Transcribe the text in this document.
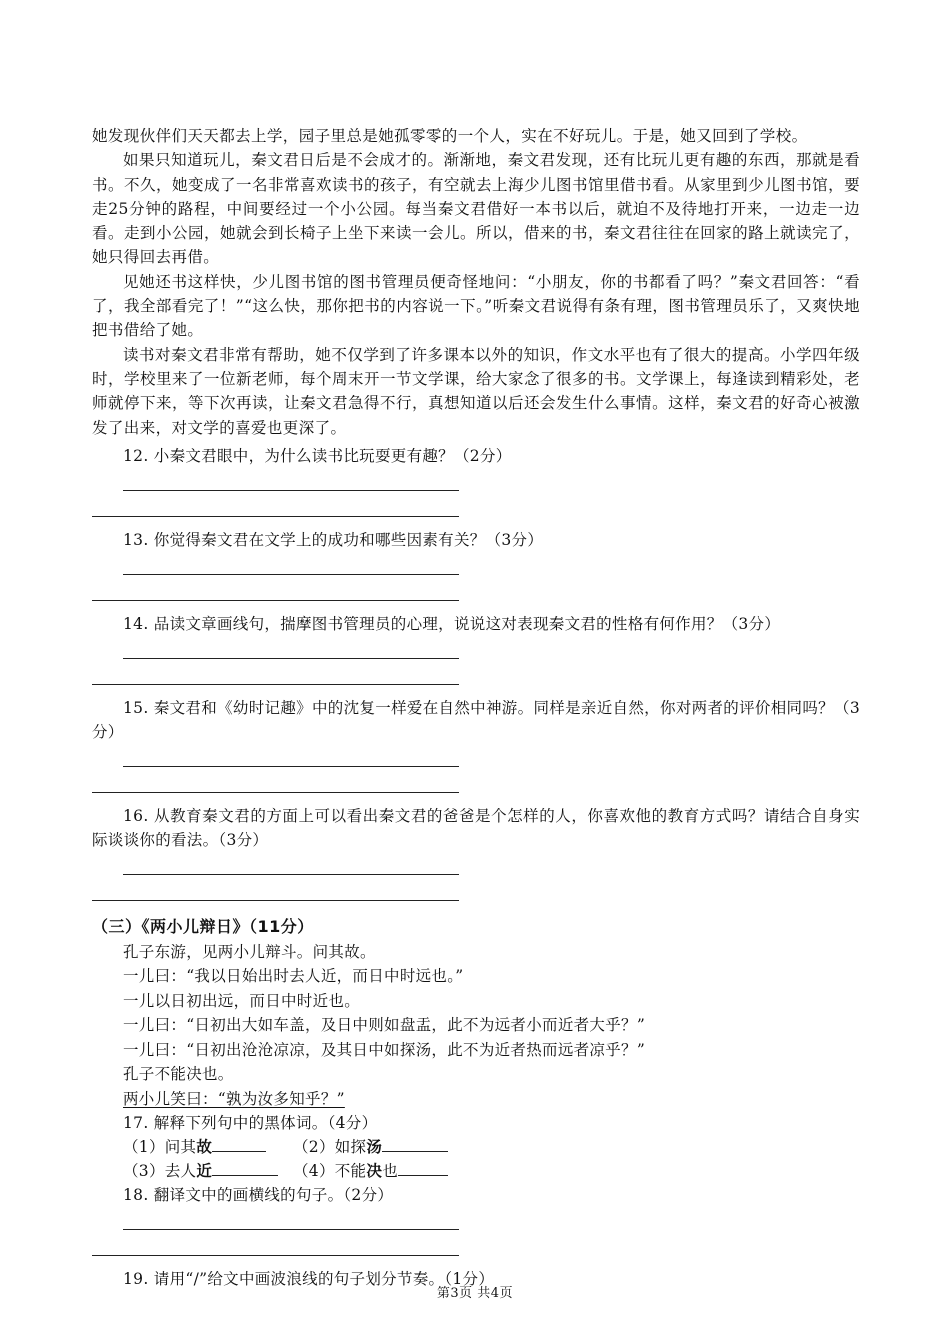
她发现伙伴们天天都去上学，园子里总是她孤零零的一个人，实在不好玩儿。于是，她又回到了学校。

如果只知道玩儿，秦文君日后是不会成才的。渐渐地，秦文君发现，还有比玩儿更有趣的东西，那就是看书。不久，她变成了一名非常喜欢读书的孩子，有空就去上海少儿图书馆里借书看。从家里到少儿图书馆，要走25分钟的路程，中间要经过一个小公园。每当秦文君借好一本书以后，就迫不及待地打开来，一边走一边看。走到小公园，她就会到长椅子上坐下来读一会儿。所以，借来的书，秦文君往往在回家的路上就读完了，她只得回去再借。

见她还书这样快，少儿图书馆的图书管理员便奇怪地问：“小朋友，你的书都看了吗？”秦文君回答：“看了，我全部看完了！”“这么快，那你把书的内容说一下。”听秦文君说得有条有理，图书管理员乐了，又爽快地把书借给了她。

读书对秦文君非常有帮助，她不仅学到了许多课本以外的知识，作文水平也有了很大的提高。小学四年级时，学校里来了一位新老师，每个周末开一节文学课，给大家念了很多的书。文学课上，每逢读到精彩处，老师就停下来，等下次再读，让秦文君急得不行，真想知道以后还会发生什么事情。这样，秦文君的好奇心被激发了出来，对文学的喜爱也更深了。

12. 小秦文君眼中，为什么读书比玩耍更有趣？（2分）

13. 你觉得秦文君在文学上的成功和哪些因素有关？（3分）

14. 品读文章画线句，揣摩图书管理员的心理，说说这对表现秦文君的性格有何作用？（3分）

15. 秦文君和《幼时记趣》中的沈复一样爱在自然中神游。同样是亲近自然，你对两者的评价相同吗？（3分）

16. 从教育秦文君的方面上可以看出秦文君的爸爸是个怎样的人，你喜欢他的教育方式吗？请结合自身实际谈谈你的看法。（3分）

（三）《两小儿辩日》（11分）

孔子东游，见两小儿辩斗。问其故。

一儿曰：“我以日始出时去人近，而日中时远也。”

一儿以日初出远，而日中时近也。

一儿曰：“日初出大如车盖，及日中则如盘盂，此不为远者小而近者大乎？”

一儿曰：“日初出沧沧凉凉，及其日中如探汤，此不为近者热而远者凉乎？”

孔子不能决也。

两小儿笑曰：“孰为汝多知乎？”

17. 解释下列句中的黑体词。（4分）

（1）问其故	（2）如探汤

（3）去人近	（4）不能决也

18. 翻译文中的画横线的句子。（2分）

19. 请用“/”给文中画波浪线的句子划分节奏。（1分）

第3页 共4页
